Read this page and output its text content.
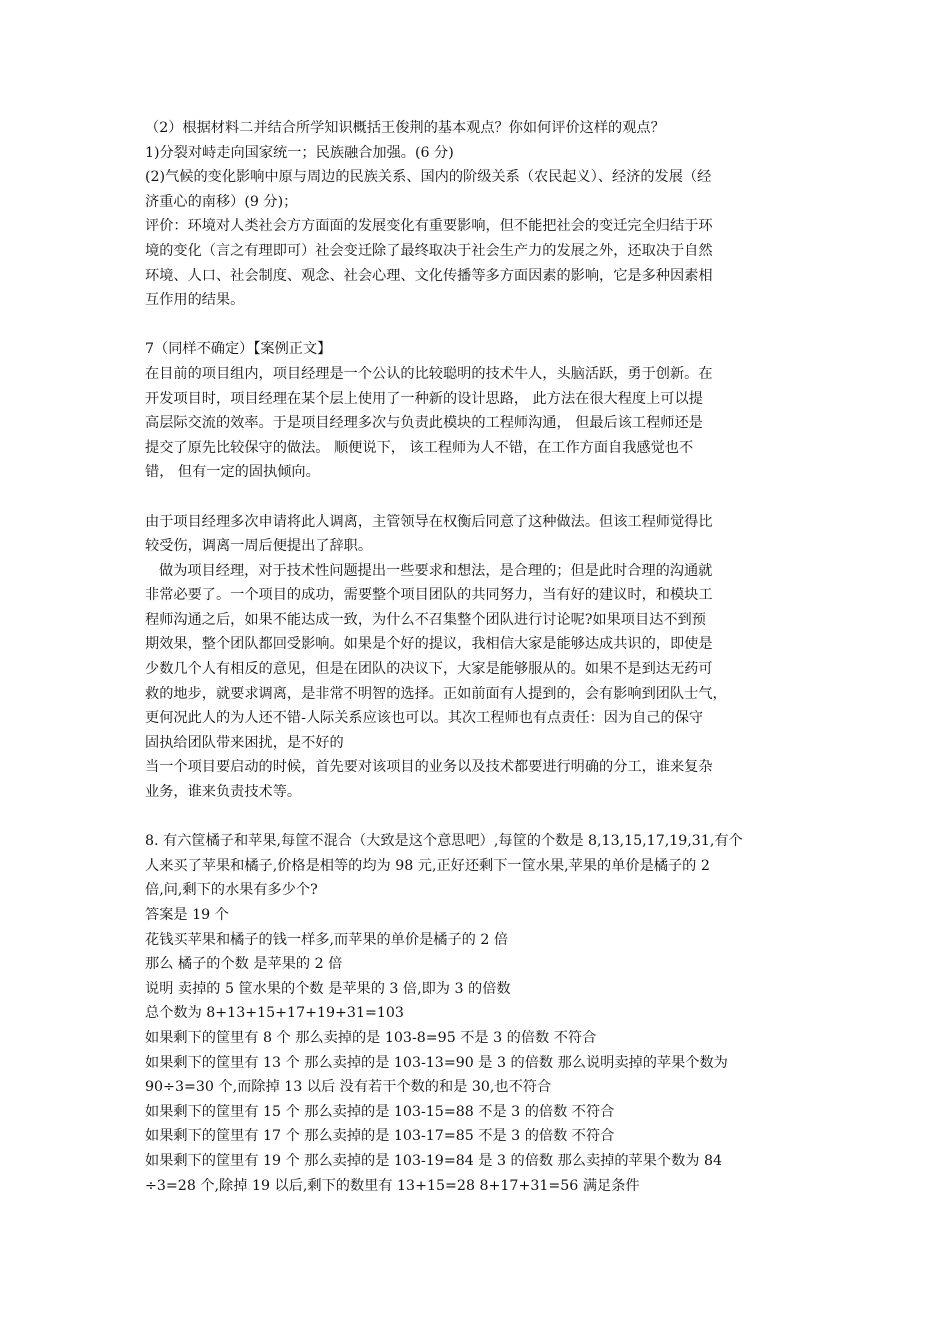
（2）根据材料二并结合所学知识概括王俊荆的基本观点？你如何评价这样的观点？
1)分裂对峙走向国家统一；民族融合加强。(6 分)
(2)气候的变化影响中原与周边的民族关系、国内的阶级关系（农民起义）、经济的发展（经
济重心的南移）(9 分)；
评价：环境对人类社会方方面面的发展变化有重要影响，但不能把社会的变迁完全归结于环
境的变化（言之有理即可）社会变迁除了最终取决于社会生产力的发展之外，还取决于自然
环境、人口、社会制度、观念、社会心理、文化传播等多方面因素的影响，它是多种因素相
互作用的结果。
7（同样不确定）【案例正文】
在目前的项目组内，项目经理是一个公认的比较聪明的技术牛人，头脑活跃，勇于创新。在
开发项目时，项目经理在某个层上使用了一种新的设计思路， 此方法在很大程度上可以提
高层际交流的效率。于是项目经理多次与负责此模块的工程师沟通， 但最后该工程师还是
提交了原先比较保守的做法。 顺便说下， 该工程师为人不错，在工作方面自我感觉也不
错， 但有一定的固执倾向。
由于项目经理多次申请将此人调离，主管领导在权衡后同意了这种做法。但该工程师觉得比
较受伤，调离一周后便提出了辞职。
做为项目经理，对于技术性问题提出一些要求和想法，是合理的；但是此时合理的沟通就
非常必要了。一个项目的成功，需要整个项目团队的共同努力，当有好的建议时，和模块工
程师沟通之后，如果不能达成一致，为什么不召集整个团队进行讨论呢?如果项目达不到预
期效果，整个团队都回受影响。如果是个好的提议，我相信大家是能够达成共识的，即使是
少数几个人有相反的意见，但是在团队的决议下，大家是能够服从的。如果不是到达无药可
救的地步，就要求调离，是非常不明智的选择。正如前面有人提到的，会有影响到团队士气，
更何况此人的为人还不错-人际关系应该也可以。其次工程师也有点责任：因为自己的保守
固执给团队带来困扰，是不好的
当一个项目要启动的时候，首先要对该项目的业务以及技术都要进行明确的分工，谁来复杂
业务，谁来负责技术等。
8. 有六筐橘子和苹果,每筐不混合（大致是这个意思吧）,每筐的个数是 8,13,15,17,19,31,有个
人来买了苹果和橘子,价格是相等的均为 98 元,正好还剩下一筐水果,苹果的单价是橘子的 2
倍,问,剩下的水果有多少个?
答案是 19 个
花钱买苹果和橘子的钱一样多,而苹果的单价是橘子的 2 倍
那么 橘子的个数 是苹果的 2 倍
说明 卖掉的 5 筐水果的个数 是苹果的 3 倍,即为 3 的倍数
总个数为 8+13+15+17+19+31=103
如果剩下的筐里有 8 个 那么卖掉的是 103-8=95 不是 3 的倍数 不符合
如果剩下的筐里有 13 个 那么卖掉的是 103-13=90 是 3 的倍数 那么说明卖掉的苹果个数为
90÷3=30 个,而除掉 13 以后 没有若干个数的和是 30,也不符合
如果剩下的筐里有 15 个 那么卖掉的是 103-15=88 不是 3 的倍数 不符合
如果剩下的筐里有 17 个 那么卖掉的是 103-17=85 不是 3 的倍数 不符合
如果剩下的筐里有 19 个 那么卖掉的是 103-19=84 是 3 的倍数 那么卖掉的苹果个数为 84
÷3=28 个,除掉 19 以后,剩下的数里有 13+15=28 8+17+31=56 满足条件
